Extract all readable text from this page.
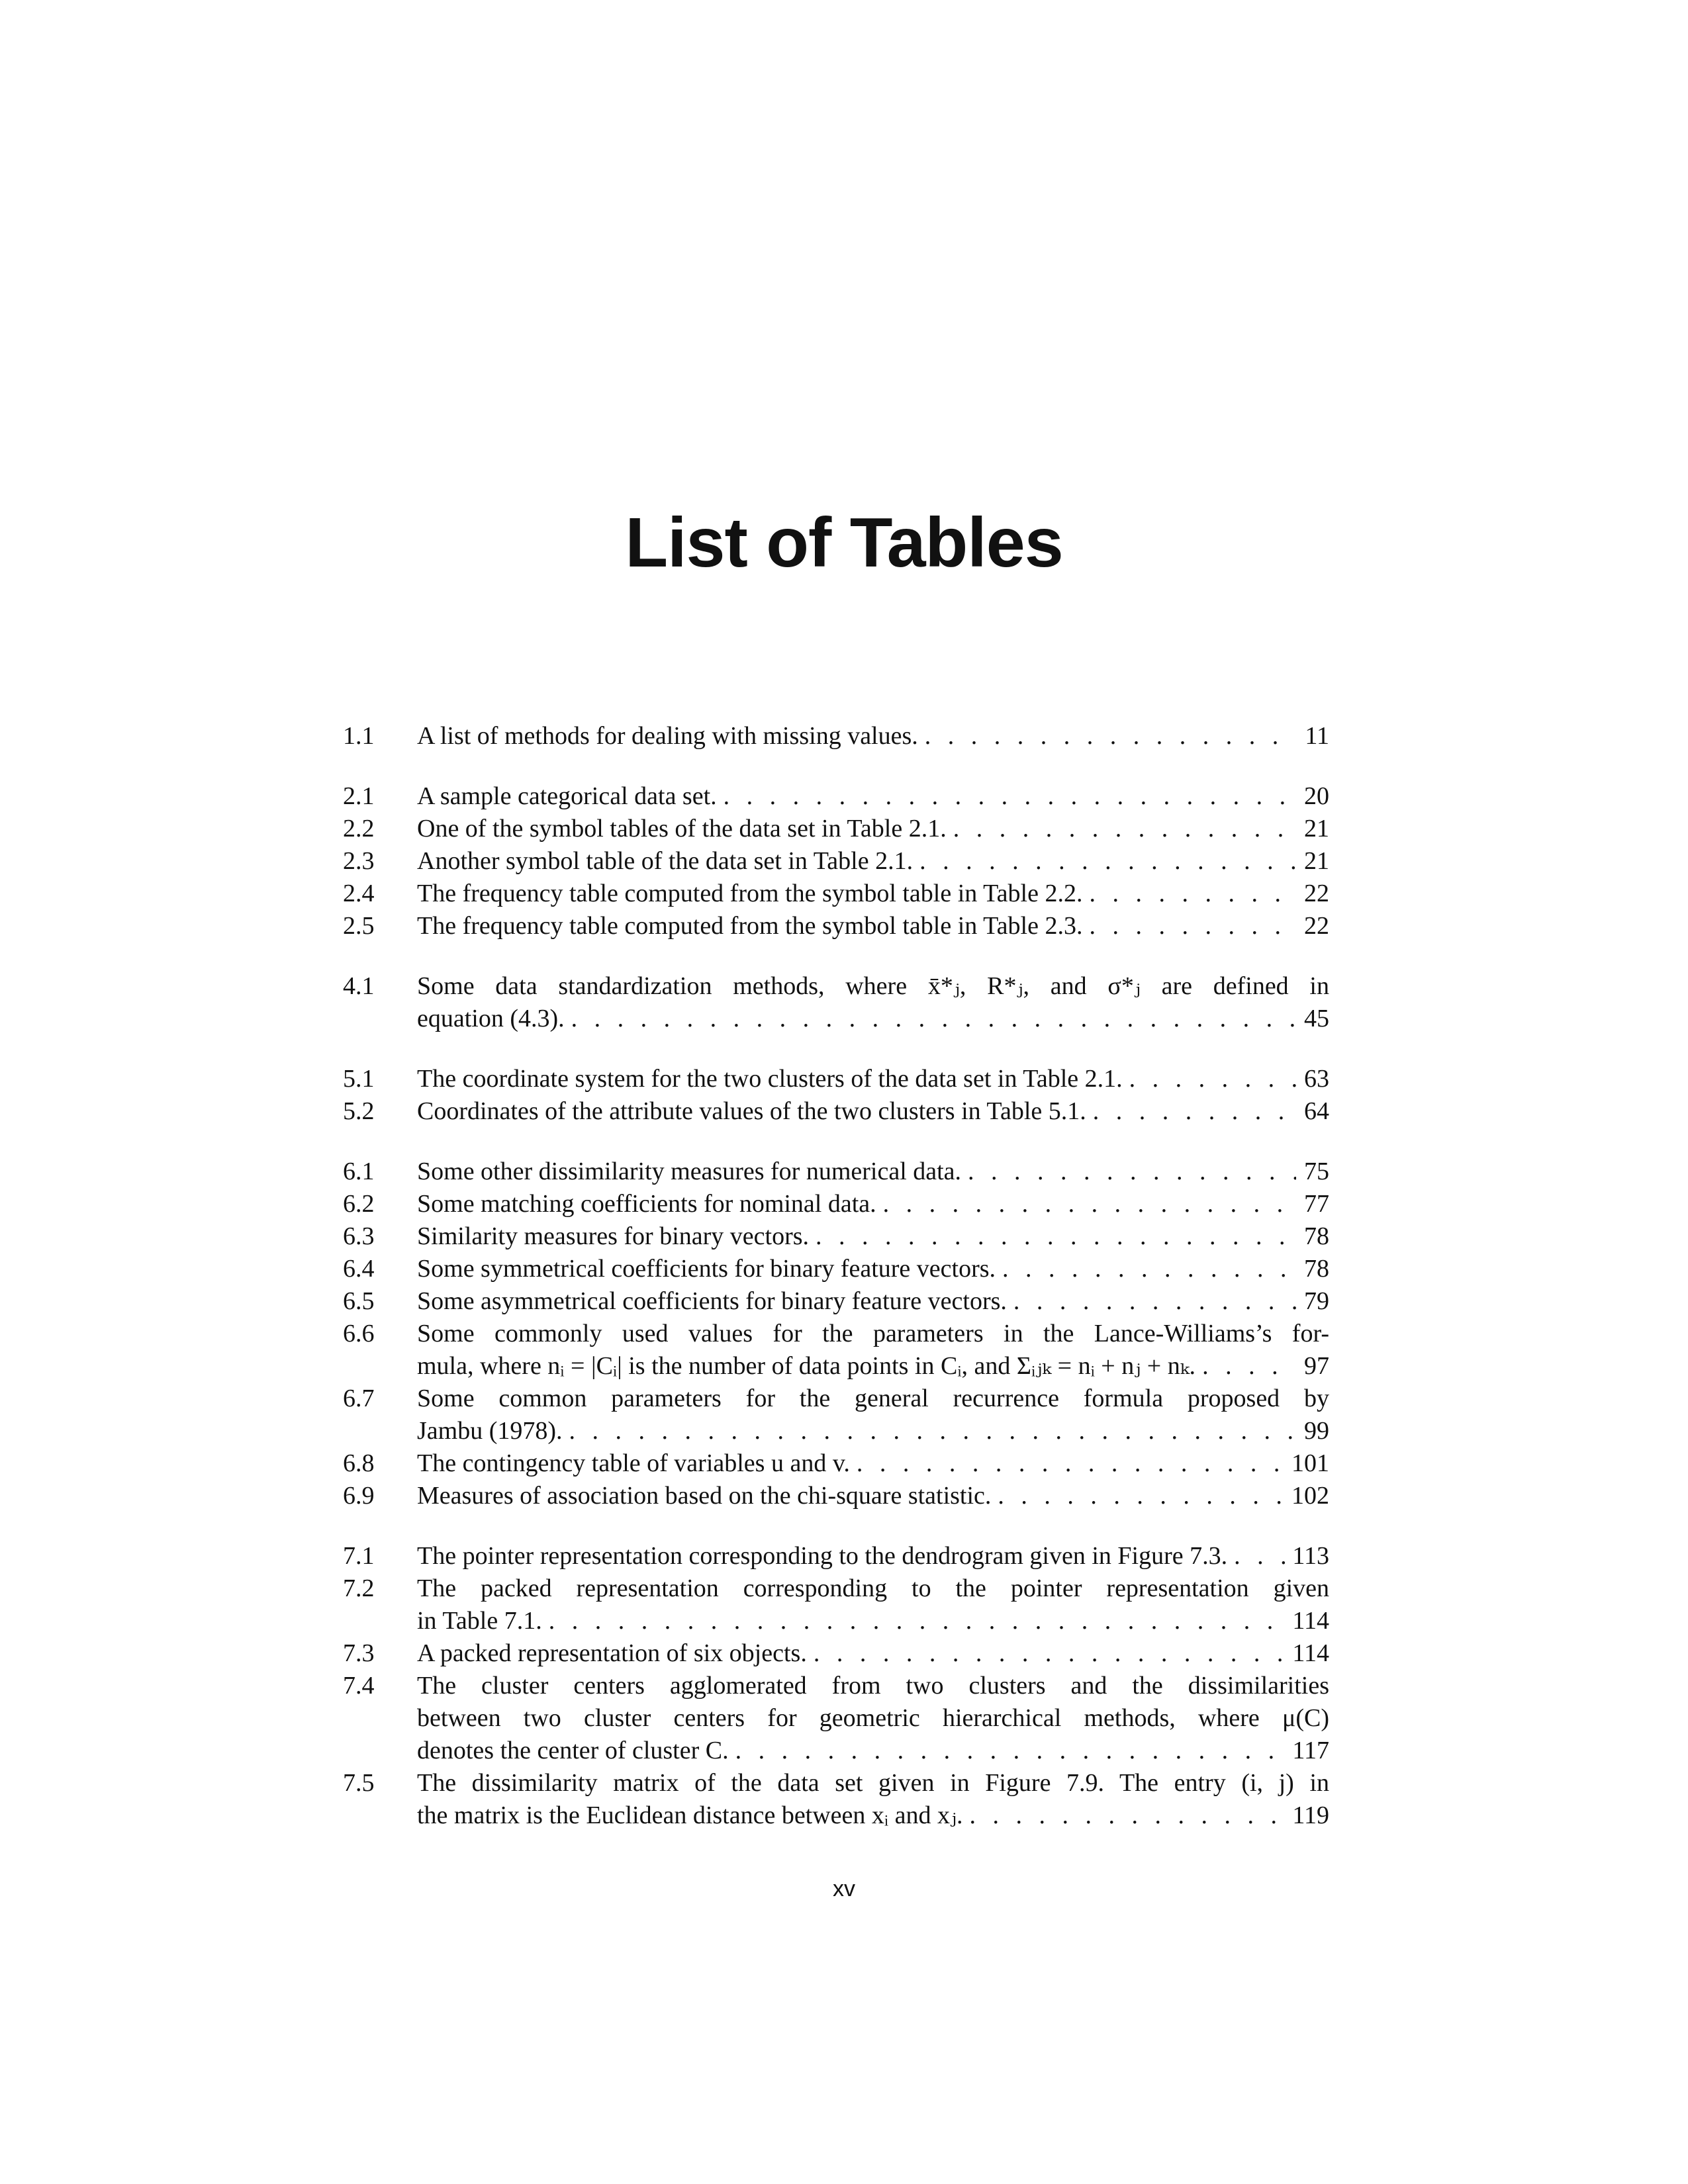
List of Tables
1.1	A list of methods for dealing with missing values. . . .	11
2.1	A sample categorical data set. . . .	20
2.2	One of the symbol tables of the data set in Table 2.1. . . .	21
2.3	Another symbol table of the data set in Table 2.1. . . .	21
2.4	The frequency table computed from the symbol table in Table 2.2. . . .	22
2.5	The frequency table computed from the symbol table in Table 2.3. . . .	22
4.1	Some data standardization methods, where x̄*ⱼ, R*ⱼ, and σ*ⱼ are defined in
equation (4.3). . . .	45
5.1	The coordinate system for the two clusters of the data set in Table 2.1. . . .	63
5.2	Coordinates of the attribute values of the two clusters in Table 5.1. . . .	64
6.1	Some other dissimilarity measures for numerical data. . . .	75
6.2	Some matching coefficients for nominal data. . . .	77
6.3	Similarity measures for binary vectors. . . .	78
6.4	Some symmetrical coefficients for binary feature vectors. . . .	78
6.5	Some asymmetrical coefficients for binary feature vectors. . . .	79
6.6	Some commonly used values for the parameters in the Lance-Williams’s for-
mula, where nᵢ = |Cᵢ| is the number of data points in Cᵢ, and Σᵢⱼₖ = nᵢ + nⱼ + nₖ. . . .	97
6.7	Some common parameters for the general recurrence formula proposed by
Jambu (1978). . . .	99
6.8	The contingency table of variables u and v. . . .	101
6.9	Measures of association based on the chi-square statistic. . . .	102
7.1	The pointer representation corresponding to the dendrogram given in Figure 7.3. . . .	113
7.2	The packed representation corresponding to the pointer representation given
in Table 7.1. . . .	114
7.3	A packed representation of six objects. . . .	114
7.4	The cluster centers agglomerated from two clusters and the dissimilarities
between two cluster centers for geometric hierarchical methods, where μ(C)
denotes the center of cluster C. . . .	117
7.5	The dissimilarity matrix of the data set given in Figure 7.9. The entry (i, j) in
the matrix is the Euclidean distance between xᵢ and xⱼ. . . .	119
xv
